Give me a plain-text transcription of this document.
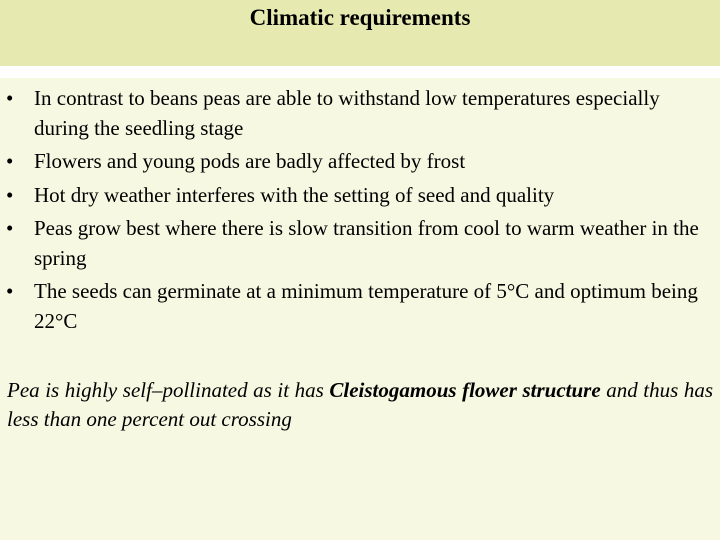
Climatic requirements
• In contrast to beans peas are able to withstand low temperatures especially during the seedling stage
• Flowers and young pods are badly affected by frost
• Hot dry weather interferes with the setting of seed and quality
• Peas grow best where there is slow transition from cool to warm weather in the spring
• The seeds can germinate at a minimum temperature of 5°C and optimum being 22°C

Pea is highly self–pollinated as it has Cleistogamous flower structure and thus has less than one percent out crossing
